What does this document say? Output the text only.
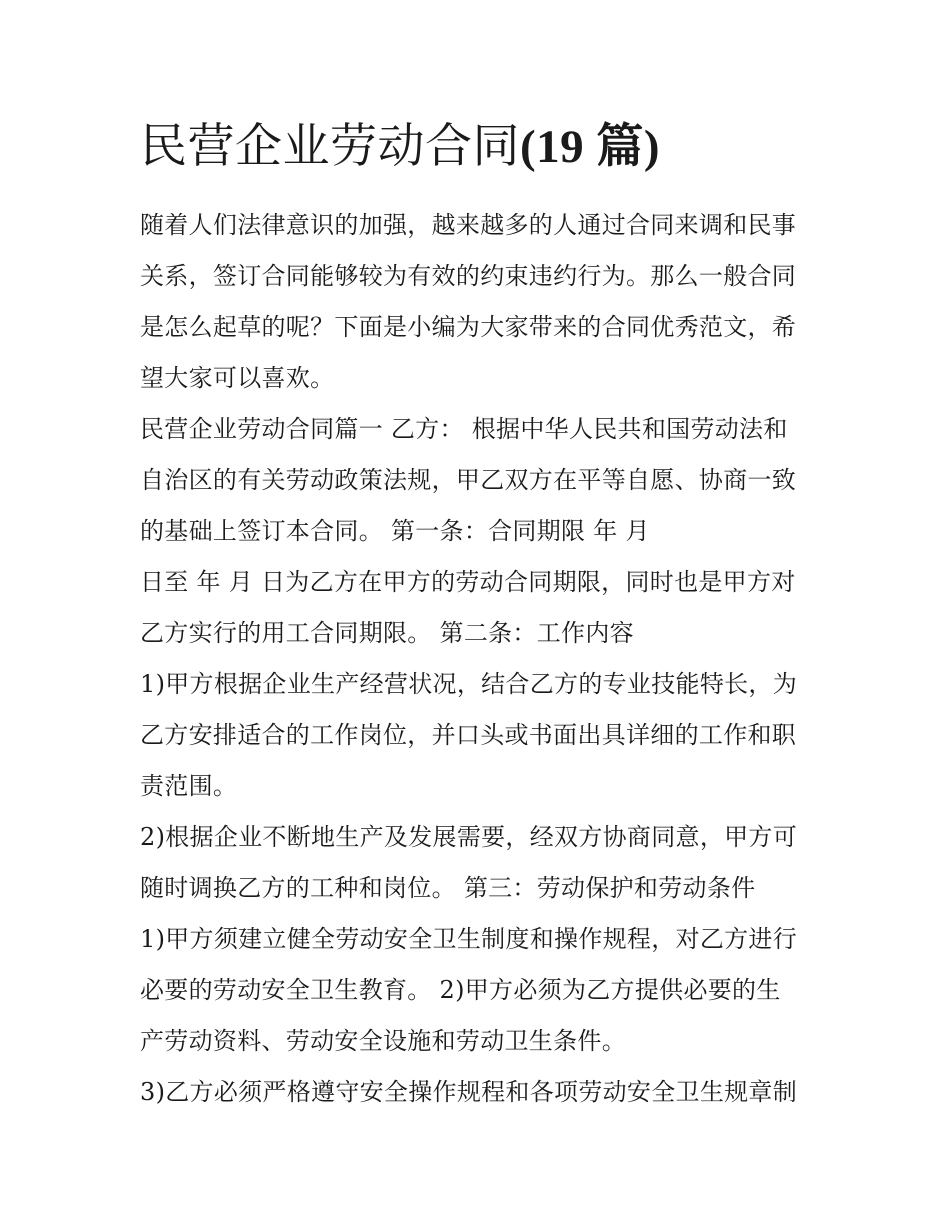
民营企业劳动合同(19 篇)
随着人们法律意识的加强，越来越多的人通过合同来调和民事
关系，签订合同能够较为有效的约束违约行为。那么一般合同
是怎么起草的呢？下面是小编为大家带来的合同优秀范文，希
望大家可以喜欢。
民营企业劳动合同篇一 乙方： 根据中华人民共和国劳动法和
自治区的有关劳动政策法规，甲乙双方在平等自愿、协商一致
的基础上签订本合同。 第一条：合同期限 年 月
日至 年 月 日为乙方在甲方的劳动合同期限，同时也是甲方对
乙方实行的用工合同期限。 第二条：工作内容
1)甲方根据企业生产经营状况，结合乙方的专业技能特长，为
乙方安排适合的工作岗位，并口头或书面出具详细的工作和职
责范围。
2)根据企业不断地生产及发展需要，经双方协商同意，甲方可
随时调换乙方的工种和岗位。 第三：劳动保护和劳动条件
1)甲方须建立健全劳动安全卫生制度和操作规程，对乙方进行
必要的劳动安全卫生教育。 2)甲方必须为乙方提供必要的生
产劳动资料、劳动安全设施和劳动卫生条件。
3)乙方必须严格遵守安全操作规程和各项劳动安全卫生规章制
